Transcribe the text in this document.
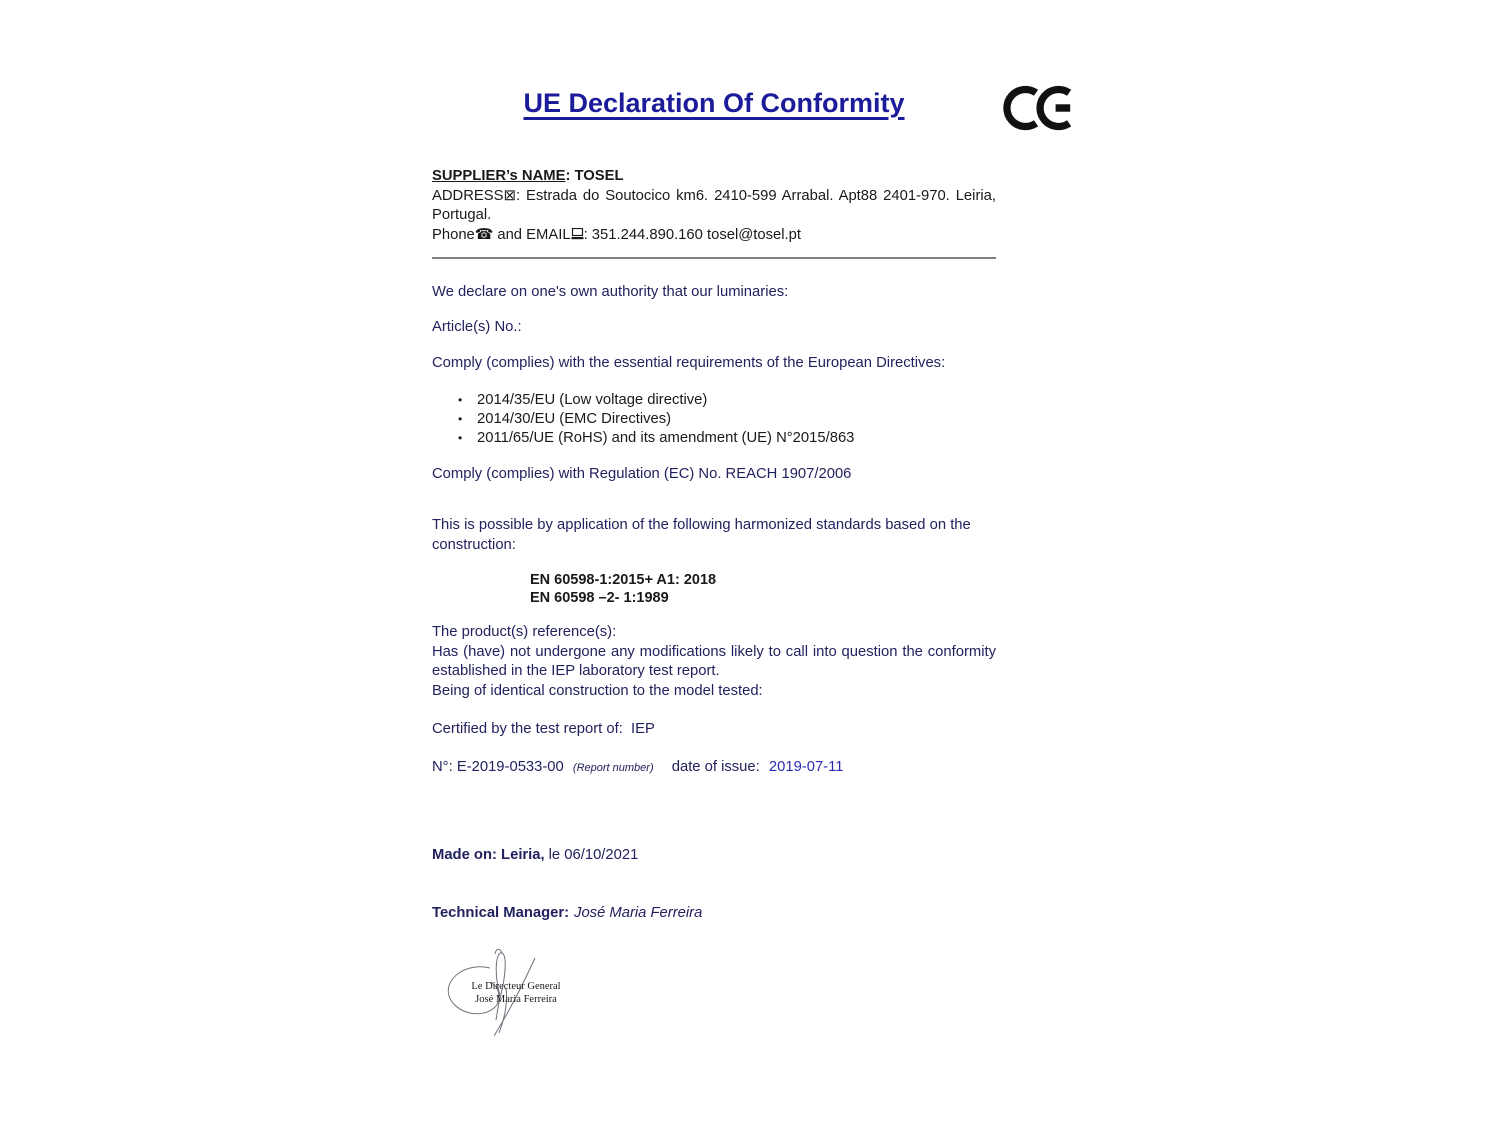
UE Declaration Of Conformity
SUPPLIER’s NAME: TOSEL
ADDRESS⊠: Estrada do Soutocico km6. 2410-599 Arrabal. Apt88 2401-970. Leiria, Portugal.
Phone☎ and EMAIL : 351.244.890.160 tosel@tosel.pt
We declare on one's own authority that our luminaries:
Article(s) No.:
Comply (complies) with the essential requirements of the European Directives:
• 2014/35/EU (Low voltage directive)
• 2014/30/EU (EMC Directives)
• 2011/65/UE (RoHS) and its amendment (UE) N°2015/863
Comply (complies) with Regulation (EC) No. REACH 1907/2006
This is possible by application of the following harmonized standards based on the construction:
EN 60598-1:2015+ A1: 2018
EN 60598 –2- 1:1989
The product(s) reference(s):
Has (have) not undergone any modifications likely to call into question the conformity established in the IEP laboratory test report.
Being of identical construction to the model tested:
Certified by the test report of:  IEP
N°: E-2019-0533-00 (Report number) date of issue: 2019-07-11
Made on: Leiria, le 06/10/2021
Technical Manager: José Maria Ferreira
Le Directeur General
José Maria Ferreira
